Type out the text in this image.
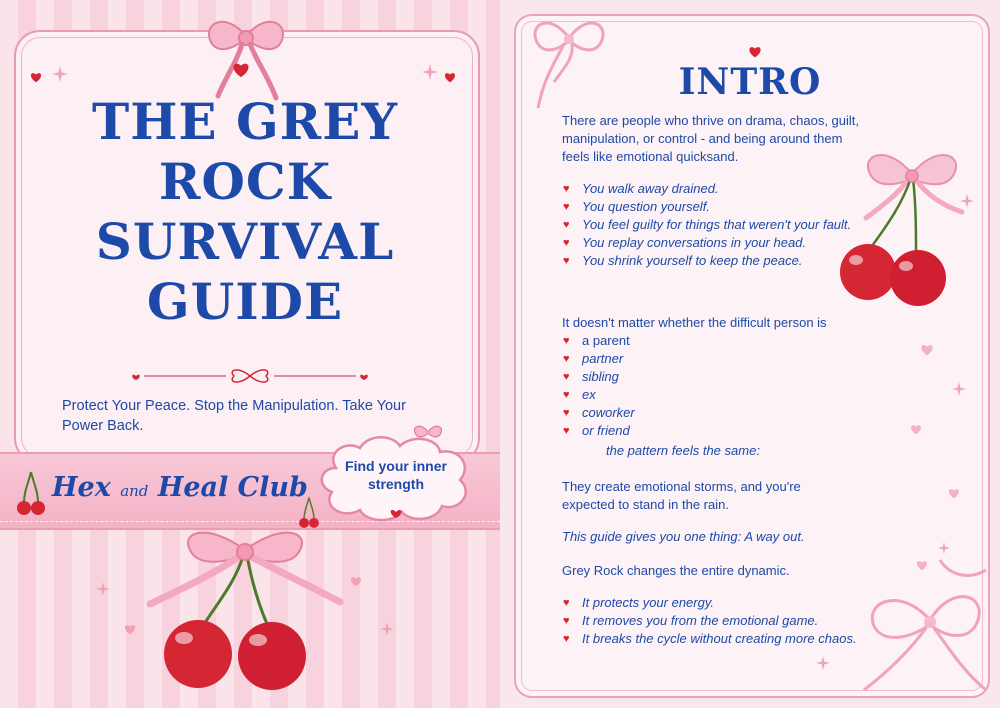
THE GREY
ROCK
SURVIVAL
GUIDE

Protect Your Peace. Stop the Manipulation. Take Your Power Back.

Hex and Heal Club

Find your inner strength

INTRO

There are people who thrive on drama, chaos, guilt, manipulation, or control - and being around them feels like emotional quicksand.

♥ You walk away drained.
♥ You question yourself.
♥ You feel guilty for things that weren't your fault.
♥ You replay conversations in your head.
♥ You shrink yourself to keep the peace.

It doesn't matter whether the difficult person is

♥ a parent
♥ partner
♥ sibling
♥ ex
♥ coworker
♥ or friend

the pattern feels the same:

They create emotional storms, and you're expected to stand in the rain.

This guide gives you one thing: A way out.

Grey Rock changes the entire dynamic.

♥ It protects your energy.
♥ It removes you from the emotional game.
♥ It breaks the cycle without creating more chaos.
